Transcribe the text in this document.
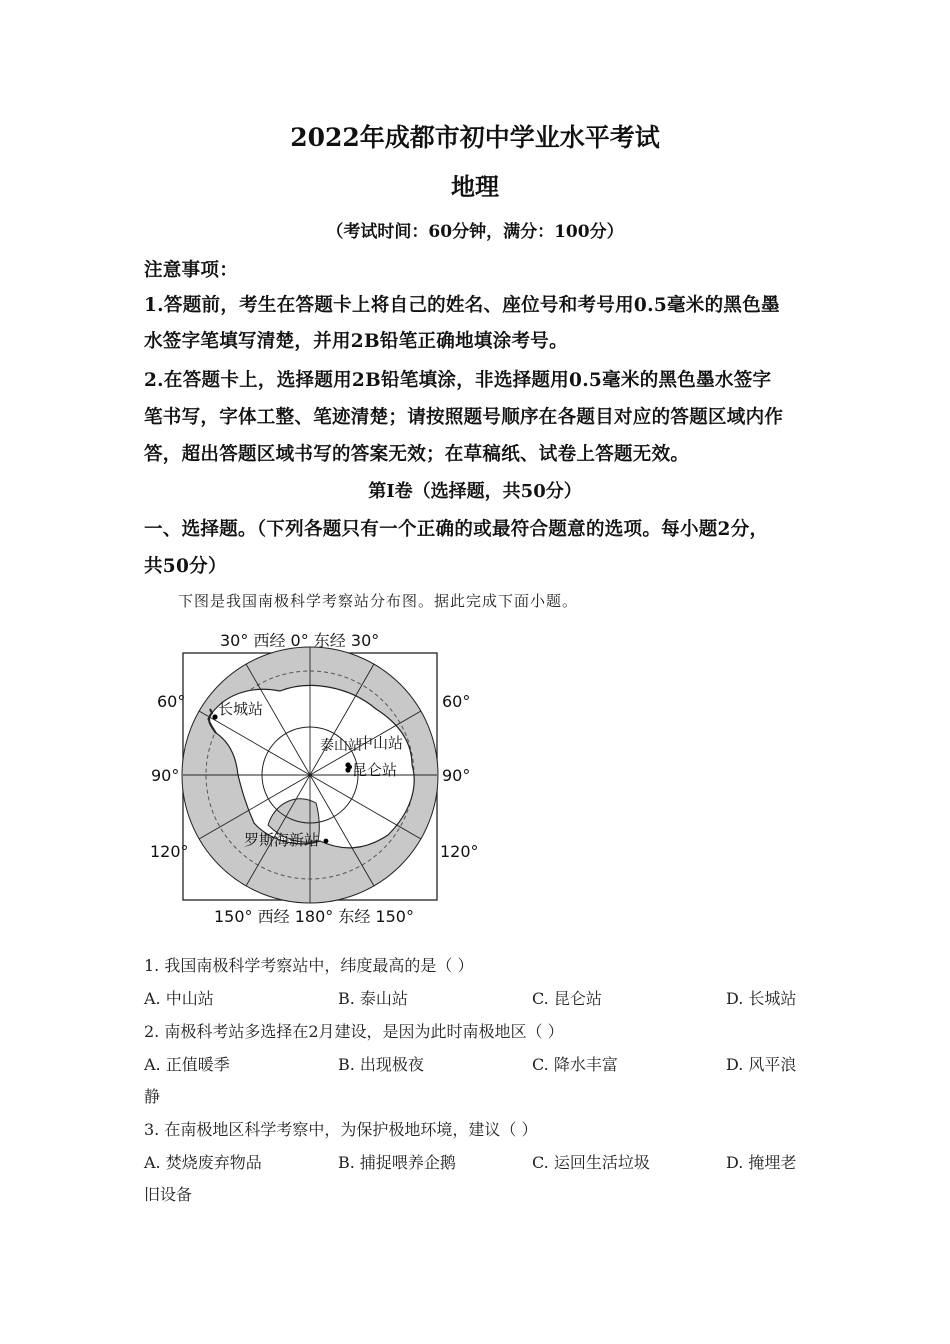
2022年成都市初中学业水平考试
地理
（考试时间：60分钟，满分：100分）
注意事项：
1.答题前，考生在答题卡上将自己的姓名、座位号和考号用0.5毫米的黑色墨
水签字笔填写清楚，并用2B铅笔正确地填涂考号。
2.在答题卡上，选择题用2B铅笔填涂，非选择题用0.5毫米的黑色墨水签字
笔书写，字体工整、笔迹清楚；请按照题号顺序在各题目对应的答题区域内作
答，超出答题区域书写的答案无效；在草稿纸、试卷上答题无效。
第Ⅰ卷（选择题，共50分）
一、选择题。（下列各题只有一个正确的或最符合题意的选项。每小题2分，
共50分）
下图是我国南极科学考察站分布图。据此完成下面小题。
长城站
泰山站
中山站
昆仑站
罗斯海新站
30° 西经 0° 东经 30°
150° 西经 180° 东经 150°
60°
90°
120°
60°
90°
120°
1. 我国南极科学考察站中，纬度最高的是（ ）
A. 中山站	B. 泰山站	C. 昆仑站	D. 长城站
2. 南极科考站多选择在2月建设，是因为此时南极地区（ ）
A. 正值暖季	B. 出现极夜	C. 降水丰富	D. 风平浪
静
3. 在南极地区科学考察中，为保护极地环境，建议（ ）
A. 焚烧废弃物品	B. 捕捉喂养企鹅	C. 运回生活垃圾	D. 掩埋老
旧设备
